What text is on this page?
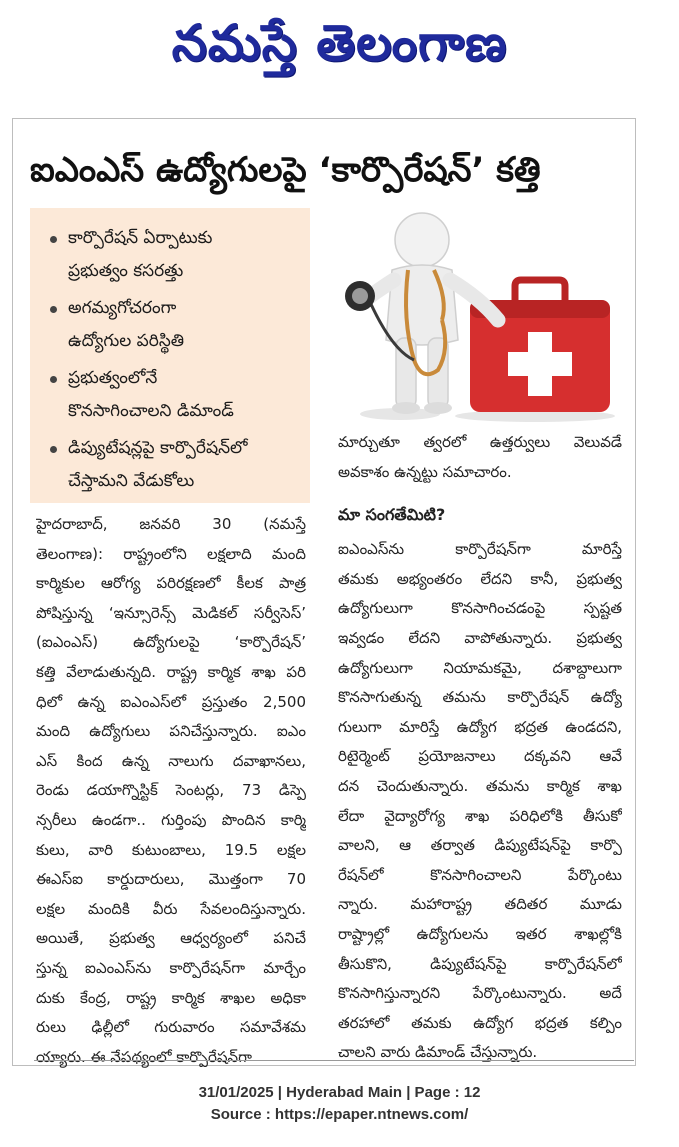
నమస్తే తెలంగాణ
ఐఎంఎస్ ఉద్యోగులపై ‘కార్పొరేషన్’ కత్తి
కార్పొరేషన్ ఏర్పాటుకు
ప్రభుత్వం కసరత్తు
అగమ్యగోచరంగా
ఉద్యోగుల పరిస్థితి
ప్రభుత్వంలోనే
కొనసాగించాలని డిమాండ్
డిప్యుటేషన్లపై కార్పొరేషన్‌లో
చేస్తామని వేడుకోలు
హైదరాబాద్, జనవరి 30 (నమస్తే
తెలంగాణ): రాష్ట్రంలోని లక్షలాది మంది
కార్మికుల ఆరోగ్య పరిరక్షణలో కీలక పాత్ర
పోషిస్తున్న ‘ఇన్సూరెన్స్ మెడికల్ సర్వీసెస్’
(ఐఎంఎస్) ఉద్యోగులపై ‘కార్పొరేషన్’
కత్తి వేలాడుతున్నది. రాష్ట్ర కార్మిక శాఖ పరి
ధిలో ఉన్న ఐఎంఎస్‌లో ప్రస్తుతం 2,500
మంది ఉద్యోగులు పనిచేస్తున్నారు. ఐఎం
ఎస్ కింద ఉన్న నాలుగు దవాఖానలు,
రెండు డయాగ్నొస్టిక్ సెంటర్లు, 73 డిస్పె
న్సరీలు ఉండగా.. గుర్తింపు పొందిన కార్మి
కులు, వారి కుటుంబాలు, 19.5 లక్షల
ఈఎస్ఐ కార్డుదారులు, మొత్తంగా 70
లక్షల మందికి వీరు సేవలందిస్తున్నారు.
అయితే, ప్రభుత్వ ఆధ్వర్యంలో పనిచే
స్తున్న ఐఎంఎస్‌ను కార్పొరేషన్‌గా మార్చేం
దుకు కేంద్ర, రాష్ట్ర కార్మిక శాఖల అధికా
రులు ఢిల్లీలో గురువారం సమావేశమ
య్యారు. ఈ నేపథ్యంలో కార్పొరేషన్‌గా
మార్చుతూ త్వరలో ఉత్తర్వులు వెలువడే
అవకాశం ఉన్నట్టు సమాచారం.
మా సంగతేమిటి?
ఐఎంఎస్‌ను కార్పొరేషన్‌గా మారిస్తే
తమకు అభ్యంతరం లేదని కానీ, ప్రభుత్వ
ఉద్యోగులుగా కొనసాగించడంపై స్పష్టత
ఇవ్వడం లేదని వాపోతున్నారు. ప్రభుత్వ
ఉద్యోగులుగా నియామకమై, దశాబ్దాలుగా
కొనసాగుతున్న తమను కార్పొరేషన్ ఉద్యో
గులుగా మారిస్తే ఉద్యోగ భద్రత ఉండదని,
రిటైర్మెంట్ ప్రయోజనాలు దక్కవని ఆవే
దన చెందుతున్నారు. తమను కార్మిక శాఖ
లేదా వైద్యారోగ్య శాఖ పరిధిలోకి తీసుకో
వాలని, ఆ తర్వాత డిప్యుటేషన్‌పై కార్పొ
రేషన్‌లో కొనసాగించాలని పేర్కొంటు
న్నారు. మహారాష్ట్ర తదితర మూడు
రాష్ట్రాల్లో ఉద్యోగులను ఇతర శాఖల్లోకి
తీసుకొని, డిప్యుటేషన్‌పై కార్పొరేషన్‌లో
కొనసాగిస్తున్నారని పేర్కొంటున్నారు. అదే
తరహాలో తమకు ఉద్యోగ భద్రత కల్పిం
చాలని వారు డిమాండ్ చేస్తున్నారు.
31/01/2025 | Hyderabad Main | Page : 12
Source : https://epaper.ntnews.com/
